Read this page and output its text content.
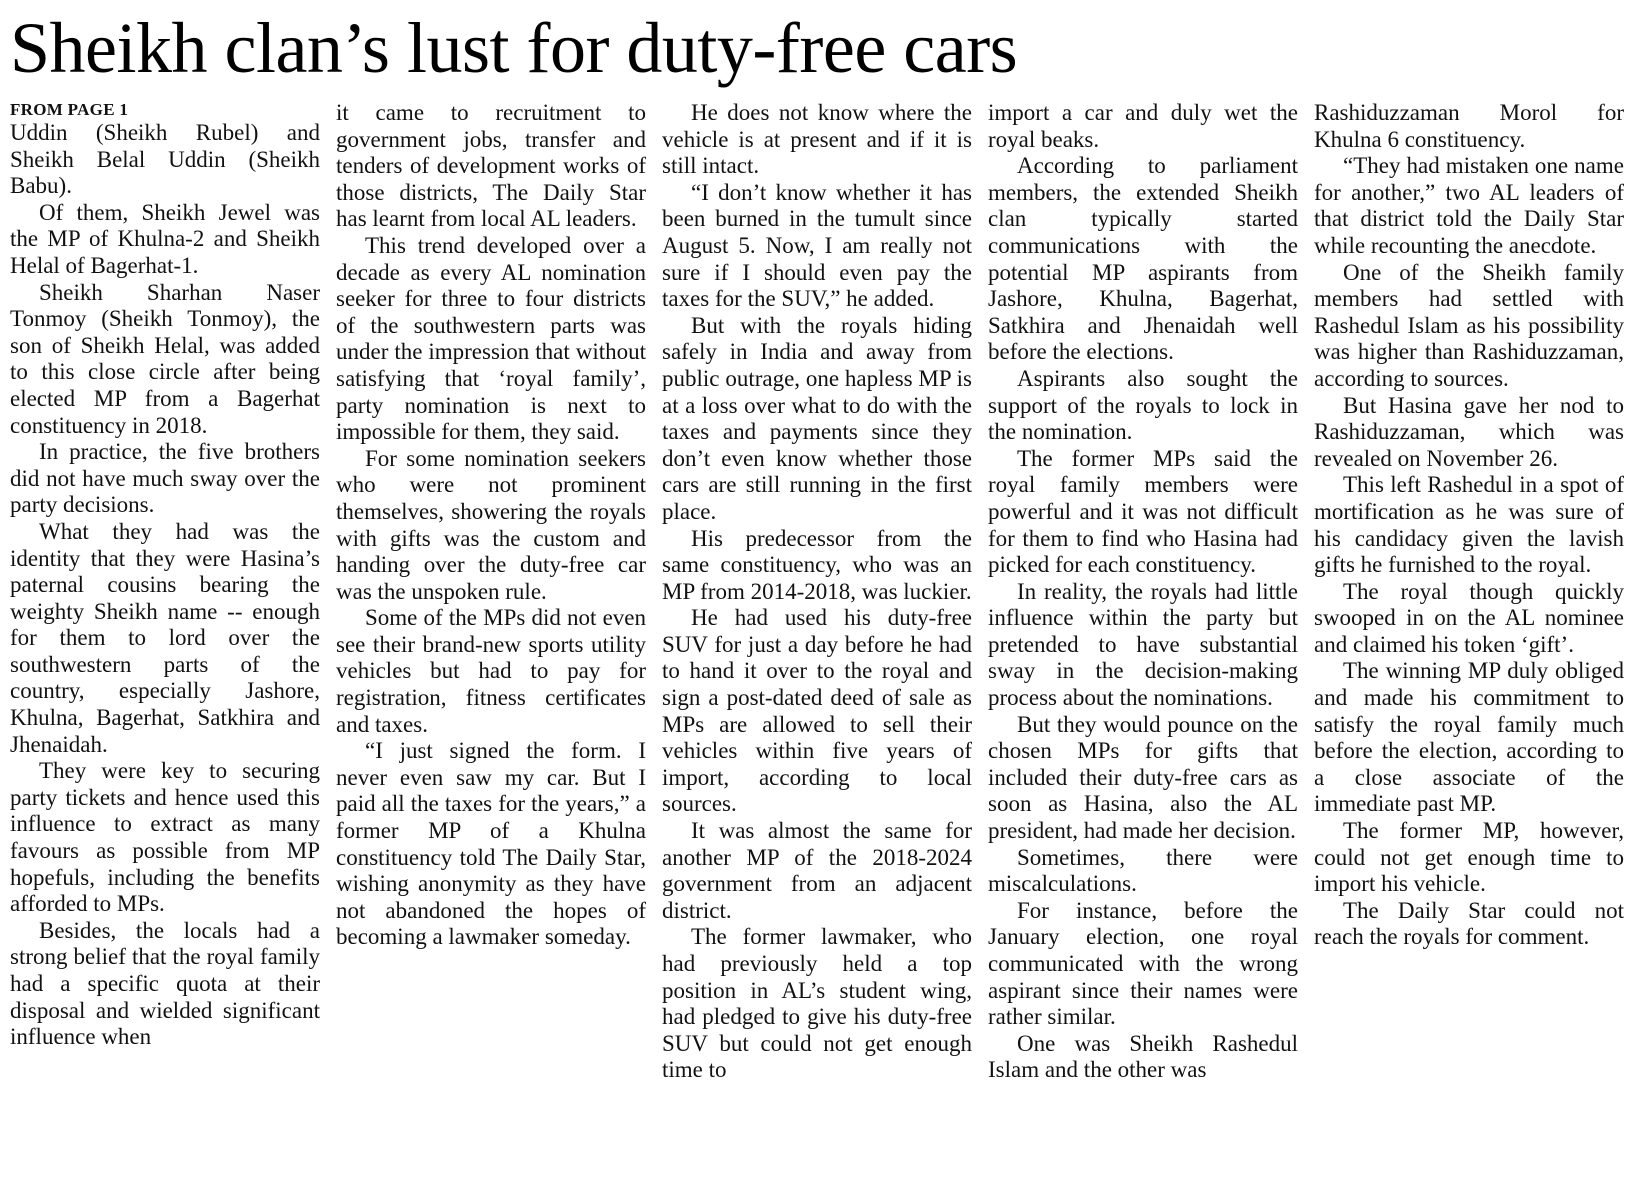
Sheikh clan’s lust for duty-free cars
FROM PAGE 1

Uddin (Sheikh Rubel) and Sheikh Belal Uddin (Sheikh Babu).

Of them, Sheikh Jewel was the MP of Khulna-2 and Sheikh Helal of Bagerhat-1.

Sheikh Sharhan Naser Tonmoy (Sheikh Tonmoy), the son of Sheikh Helal, was added to this close circle after being elected MP from a Bagerhat constituency in 2018.

In practice, the five brothers did not have much sway over the party decisions.

What they had was the identity that they were Hasina’s paternal cousins bearing the weighty Sheikh name -- enough for them to lord over the southwestern parts of the country, especially Jashore, Khulna, Bagerhat, Satkhira and Jhenaidah.

They were key to securing party tickets and hence used this influence to extract as many favours as possible from MP hopefuls, including the benefits afforded to MPs.

Besides, the locals had a strong belief that the royal family had a specific quota at their disposal and wielded significant influence when

it came to recruitment to government jobs, transfer and tenders of development works of those districts, The Daily Star has learnt from local AL leaders.

This trend developed over a decade as every AL nomination seeker for three to four districts of the southwestern parts was under the impression that without satisfying that ‘royal family’, party nomination is next to impossible for them, they said.

For some nomination seekers who were not prominent themselves, showering the royals with gifts was the custom and handing over the duty-free car was the unspoken rule.

Some of the MPs did not even see their brand-new sports utility vehicles but had to pay for registration, fitness certificates and taxes.

“I just signed the form. I never even saw my car. But I paid all the taxes for the years,” a former MP of a Khulna constituency told The Daily Star, wishing anonymity as they have not abandoned the hopes of becoming a lawmaker someday.

He does not know where the vehicle is at present and if it is still intact.

“I don’t know whether it has been burned in the tumult since August 5. Now, I am really not sure if I should even pay the taxes for the SUV,” he added.

But with the royals hiding safely in India and away from public outrage, one hapless MP is at a loss over what to do with the taxes and payments since they don’t even know whether those cars are still running in the first place.

His predecessor from the same constituency, who was an MP from 2014-2018, was luckier.

He had used his duty-free SUV for just a day before he had to hand it over to the royal and sign a post-dated deed of sale as MPs are allowed to sell their vehicles within five years of import, according to local sources.

It was almost the same for another MP of the 2018-2024 government from an adjacent district.

The former lawmaker, who had previously held a top position in AL’s student wing, had pledged to give his duty-free SUV but could not get enough time to

import a car and duly wet the royal beaks.

According to parliament members, the extended Sheikh clan typically started communications with the potential MP aspirants from Jashore, Khulna, Bagerhat, Satkhira and Jhenaidah well before the elections.

Aspirants also sought the support of the royals to lock in the nomination.

The former MPs said the royal family members were powerful and it was not difficult for them to find who Hasina had picked for each constituency.

In reality, the royals had little influence within the party but pretended to have substantial sway in the decision-making process about the nominations.

But they would pounce on the chosen MPs for gifts that included their duty-free cars as soon as Hasina, also the AL president, had made her decision.

Sometimes, there were miscalculations.

For instance, before the January election, one royal communicated with the wrong aspirant since their names were rather similar.

One was Sheikh Rashedul Islam and the other was

Rashiduzzaman Morol for Khulna 6 constituency.

“They had mistaken one name for another,” two AL leaders of that district told the Daily Star while recounting the anecdote.

One of the Sheikh family members had settled with Rashedul Islam as his possibility was higher than Rashiduzzaman, according to sources.

But Hasina gave her nod to Rashiduzzaman, which was revealed on November 26.

This left Rashedul in a spot of mortification as he was sure of his candidacy given the lavish gifts he furnished to the royal.

The royal though quickly swooped in on the AL nominee and claimed his token ‘gift’.

The winning MP duly obliged and made his commitment to satisfy the royal family much before the election, according to a close associate of the immediate past MP.

The former MP, however, could not get enough time to import his vehicle.

The Daily Star could not reach the royals for comment.
